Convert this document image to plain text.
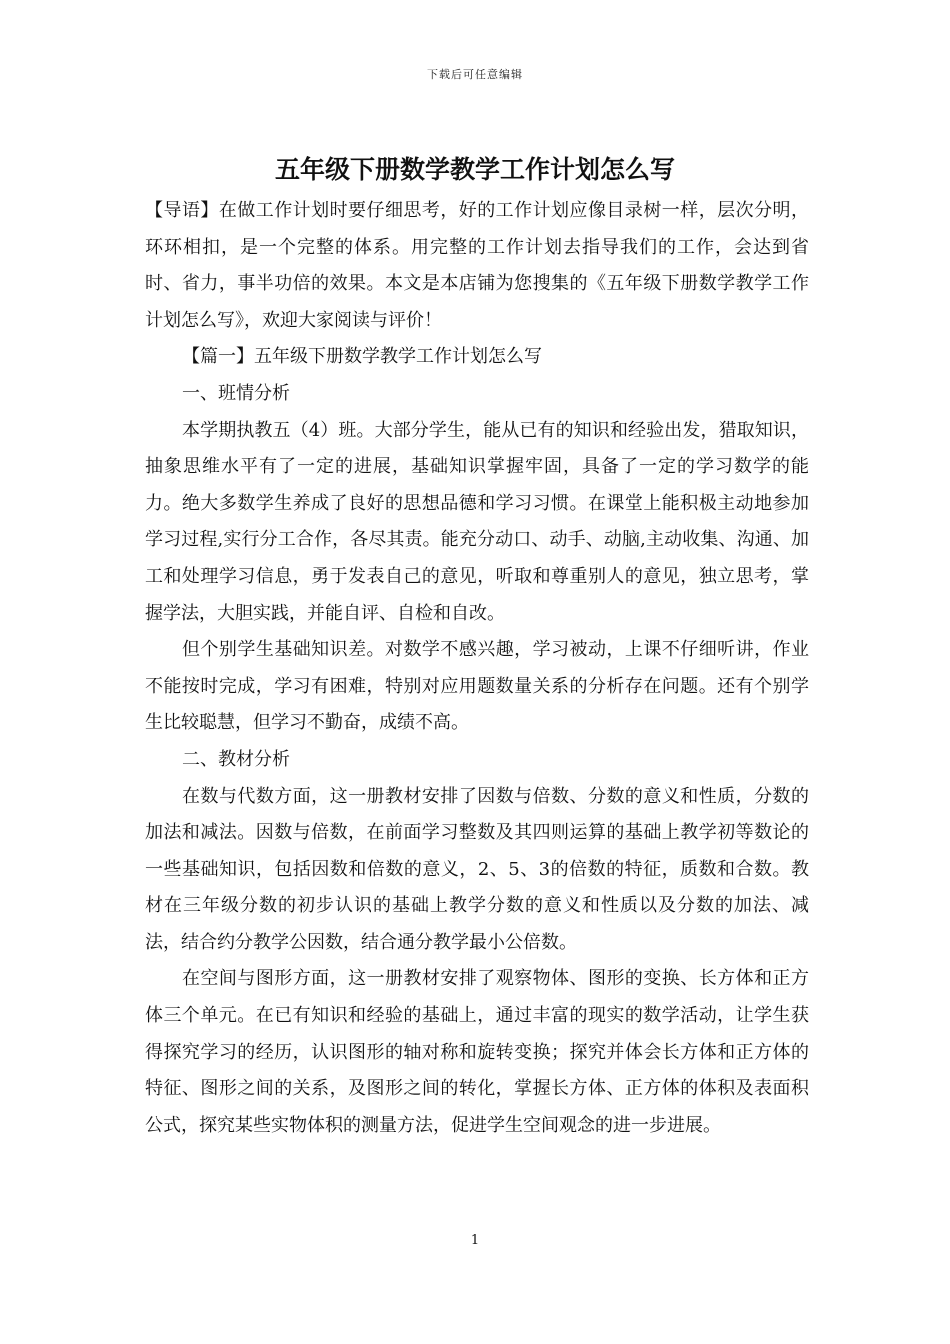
下载后可任意编辑
五年级下册数学教学工作计划怎么写

【导语】在做工作计划时要仔细思考，好的工作计划应像目录树一样，层次分明，环环相扣，是一个完整的体系。用完整的工作计划去指导我们的工作，会达到省时、省力，事半功倍的效果。本文是本店铺为您搜集的《五年级下册数学教学工作计划怎么写》，欢迎大家阅读与评价！

【篇一】五年级下册数学教学工作计划怎么写

一、班情分析

本学期执教五（4）班。大部分学生，能从已有的知识和经验出发，猎取知识，抽象思维水平有了一定的进展，基础知识掌握牢固，具备了一定的学习数学的能力。绝大多数学生养成了良好的思想品德和学习习惯。在课堂上能积极主动地参加学习过程,实行分工合作，各尽其责。能充分动口、动手、动脑,主动收集、沟通、加工和处理学习信息，勇于发表自己的意见，听取和尊重别人的意见，独立思考，掌握学法，大胆实践，并能自评、自检和自改。

但个别学生基础知识差。对数学不感兴趣，学习被动，上课不仔细听讲，作业不能按时完成，学习有困难，特别对应用题数量关系的分析存在问题。还有个别学生比较聪慧，但学习不勤奋，成绩不高。

二、教材分析

在数与代数方面，这一册教材安排了因数与倍数、分数的意义和性质，分数的加法和减法。因数与倍数，在前面学习整数及其四则运算的基础上教学初等数论的一些基础知识，包括因数和倍数的意义，2、5、3的倍数的特征，质数和合数。教材在三年级分数的初步认识的基础上教学分数的意义和性质以及分数的加法、减法，结合约分教学公因数，结合通分教学最小公倍数。

在空间与图形方面，这一册教材安排了观察物体、图形的变换、长方体和正方体三个单元。在已有知识和经验的基础上，通过丰富的现实的数学活动，让学生获得探究学习的经历，认识图形的轴对称和旋转变换；探究并体会长方体和正方体的特征、图形之间的关系，及图形之间的转化，掌握长方体、正方体的体积及表面积公式，探究某些实物体积的测量方法，促进学生空间观念的进一步进展。

1
